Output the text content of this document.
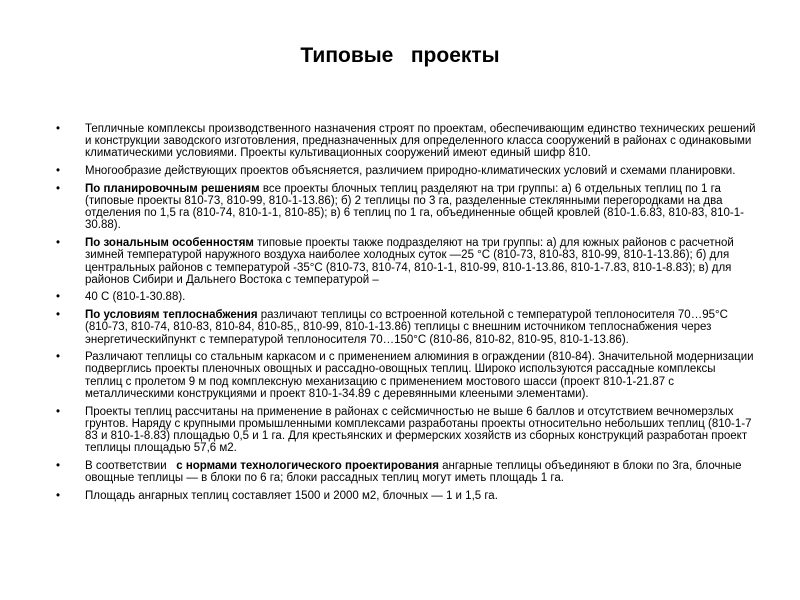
Типовые   проекты
• Тепличные комплексы производственного назначения строят по проектам, обеспечивающим единство технических решений и конструкции заводского изготовления, предназначенных для определенного класса сооружений в районах с одинаковыми климатическими условиями. Проекты культивационных сооружений имеют единый шифр 810.
• Многообразие действующих проектов объясняется, различием природно-климатических условий и схемами планировки.
• По планировочным решениям все проекты блочных теплиц разделяют на три группы: а) 6 отдельных теплиц по 1 га (типовые проекты 810-73, 810-99, 810-1-13.86); б) 2 теплицы по 3 га, разделенные стеклянными перегородками на два отделения по 1,5 га (810-74, 810-1-1, 810-85); в) 6 теплиц по 1 га, объединенные общей кровлей (810-1.6.83, 810-83, 810-1-30.88).
• По зональным особенностям типовые проекты также подразделяют на три группы: а) для южных районов с расчетной зимней температурой наружного воздуха наиболее холодных суток —25 °С (810-73, 810-83, 810-99, 810-1-13.86); б) для центральных районов с температурой -35°С (810-73, 810-74, 810-1-1, 810-99, 810-1-13.86, 810-1-7.83, 810-1-8.83); в) для районов Сибири и Дальнего Востока с температурой –
• 40 С (810-1-30.88).
• По условиям теплоснабжения различают теплицы со встроенной котельной с температурой теплоносителя 70…95°С (810-73, 810-74, 810-83, 810-84, 810-85,, 810-99, 810-1-13.86) теплицы с внешним источником теплоснабжения через энергетическийпункт с температурой теплоносителя 70…150°С (810-86, 810-82, 810-95, 810-1-13.86).
• Различают теплицы со стальным каркасом и с применением алюминия в ограждении (810-84). Значительной модернизации подверглись проекты пленочных овощных и рассадно-овощных теплиц. Широко используются рассадные комплексы теплиц с пролетом 9 м под комплексную механизацию с применением мостового шасси (проект 810-1-21.87 с металлическими конструкциями и проект 810-1-34.89 с деревянными клееными элементами).
• Проекты теплиц рассчитаны на применение в районах с сейсмичностью не выше 6 баллов и отсутствием вечномерзлых грунтов. Наряду с крупными промышленными комплексами разработаны проекты относительно небольших теплиц (810-1-7 83 и 810-1-8.83) площадью 0,5 и 1 га. Для крестьянских и фермерских хозяйств из сборных конструкций разработан проект теплицы площадью 57,6 м2.
• В соответствии   с нормами технологического проектирования ангарные теплицы объединяют в блоки по 3га, блочные овощные теплицы — в блоки по 6 га; блоки рассадных теплиц могут иметь площадь 1 га.
• Площадь ангарных теплиц составляет 1500 и 2000 м2, блочных — 1 и 1,5 га.
